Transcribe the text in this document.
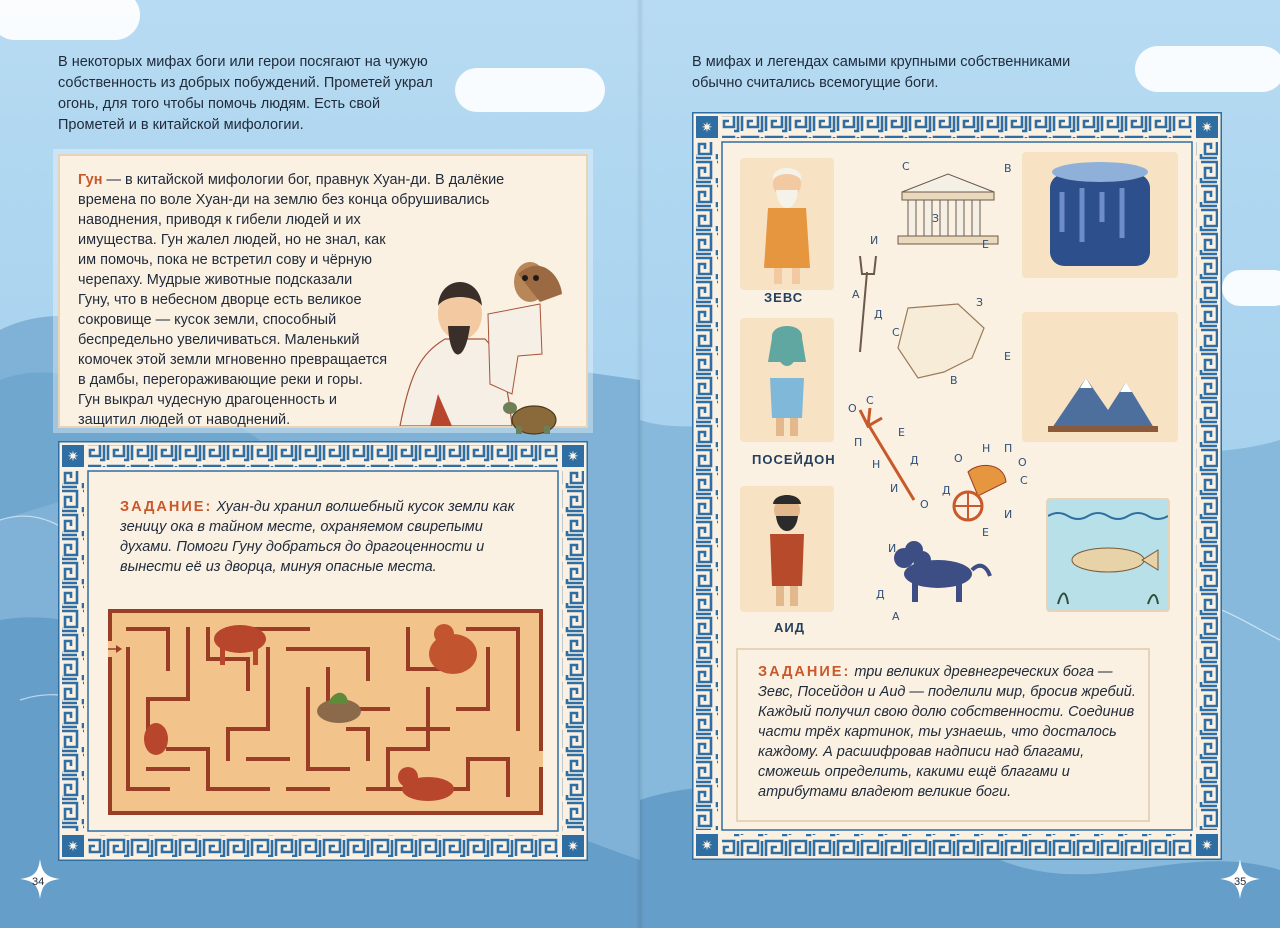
В некоторых мифах боги или герои посягают на чужую собственность из добрых побуждений. Прометей украл огонь, для того чтобы помочь людям. Есть свой Прометей и в китайской мифологии.

Гун — в китайской мифологии бог, правнук Хуан-ди. В далёкие времена по воле Хуан-ди на землю без конца обрушивались наводнения, приводя к гибели людей и их имущества. Гун жалел людей, но не знал, как им помочь, пока не встретил сову и чёрную черепаху. Мудрые животные подсказали Гуну, что в небесном дворце есть великое сокровище — кусок земли, способный беспредельно увеличиваться. Маленький комочек этой земли мгновенно превращается в дамбы, перегораживающие реки и горы. Гун выкрал чудесную драгоценность и защитил людей от наводнений.
✷	✷
✷	✷

ЗАДАНИЕ: Хуан-ди хранил волшебный кусок земли как зеницу ока в тайном месте, охраняемом свирепыми духами. Помоги Гуну добраться до драгоценности и вынести её из дворца, минуя опасные места.

34

В мифах и легендах самыми крупными собственниками обычно считались всемогущие боги.

✷	✷
✷	✷
ЗЕВС
ПОСЕЙДОН
АИД
С
З
В
Е
И
А
Д
З
С
Е
В
О
С
Е
П
Н	Д
И
О
О
Н П
О
С
Д
Е
И
И
Д
А

ЗАДАНИЕ: три великих древнегреческих бога — Зевс, Посейдон и Аид — поделили мир, бросив жребий. Каждый получил свою долю собственности. Соединив части трёх картинок, ты узнаешь, что досталось каждому. А расшифровав надписи над благами, сможешь определить, какими ещё благами и атрибутами владеют великие боги.

35
